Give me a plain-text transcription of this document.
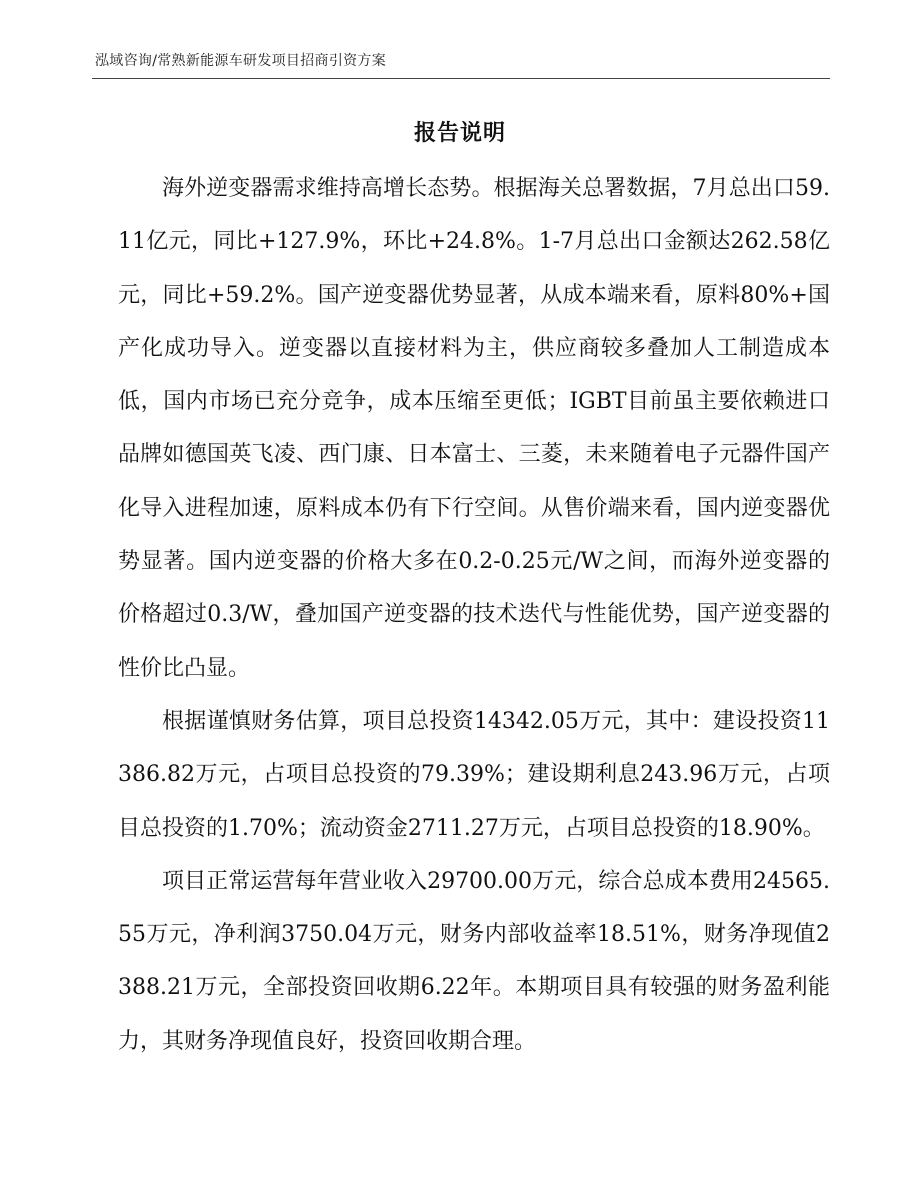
泓域咨询/常熟新能源车研发项目招商引资方案
报告说明

海外逆变器需求维持高增长态势。根据海关总署数据，7月总出口59.11亿元，同比+127.9%，环比+24.8%。1-7月总出口金额达262.58亿元，同比+59.2%。国产逆变器优势显著，从成本端来看，原料80%+国产化成功导入。逆变器以直接材料为主，供应商较多叠加人工制造成本低，国内市场已充分竞争，成本压缩至更低；IGBT目前虽主要依赖进口品牌如德国英飞凌、西门康、日本富士、三菱，未来随着电子元器件国产化导入进程加速，原料成本仍有下行空间。从售价端来看，国内逆变器优势显著。国内逆变器的价格大多在0.2-0.25元/W之间，而海外逆变器的价格超过0.3/W，叠加国产逆变器的技术迭代与性能优势，国产逆变器的性价比凸显。

根据谨慎财务估算，项目总投资14342.05万元，其中：建设投资11386.82万元，占项目总投资的79.39%；建设期利息243.96万元，占项目总投资的1.70%；流动资金2711.27万元，占项目总投资的18.90%。

项目正常运营每年营业收入29700.00万元，综合总成本费用24565.55万元，净利润3750.04万元，财务内部收益率18.51%，财务净现值2388.21万元，全部投资回收期6.22年。本期项目具有较强的财务盈利能力，其财务净现值良好，投资回收期合理。
